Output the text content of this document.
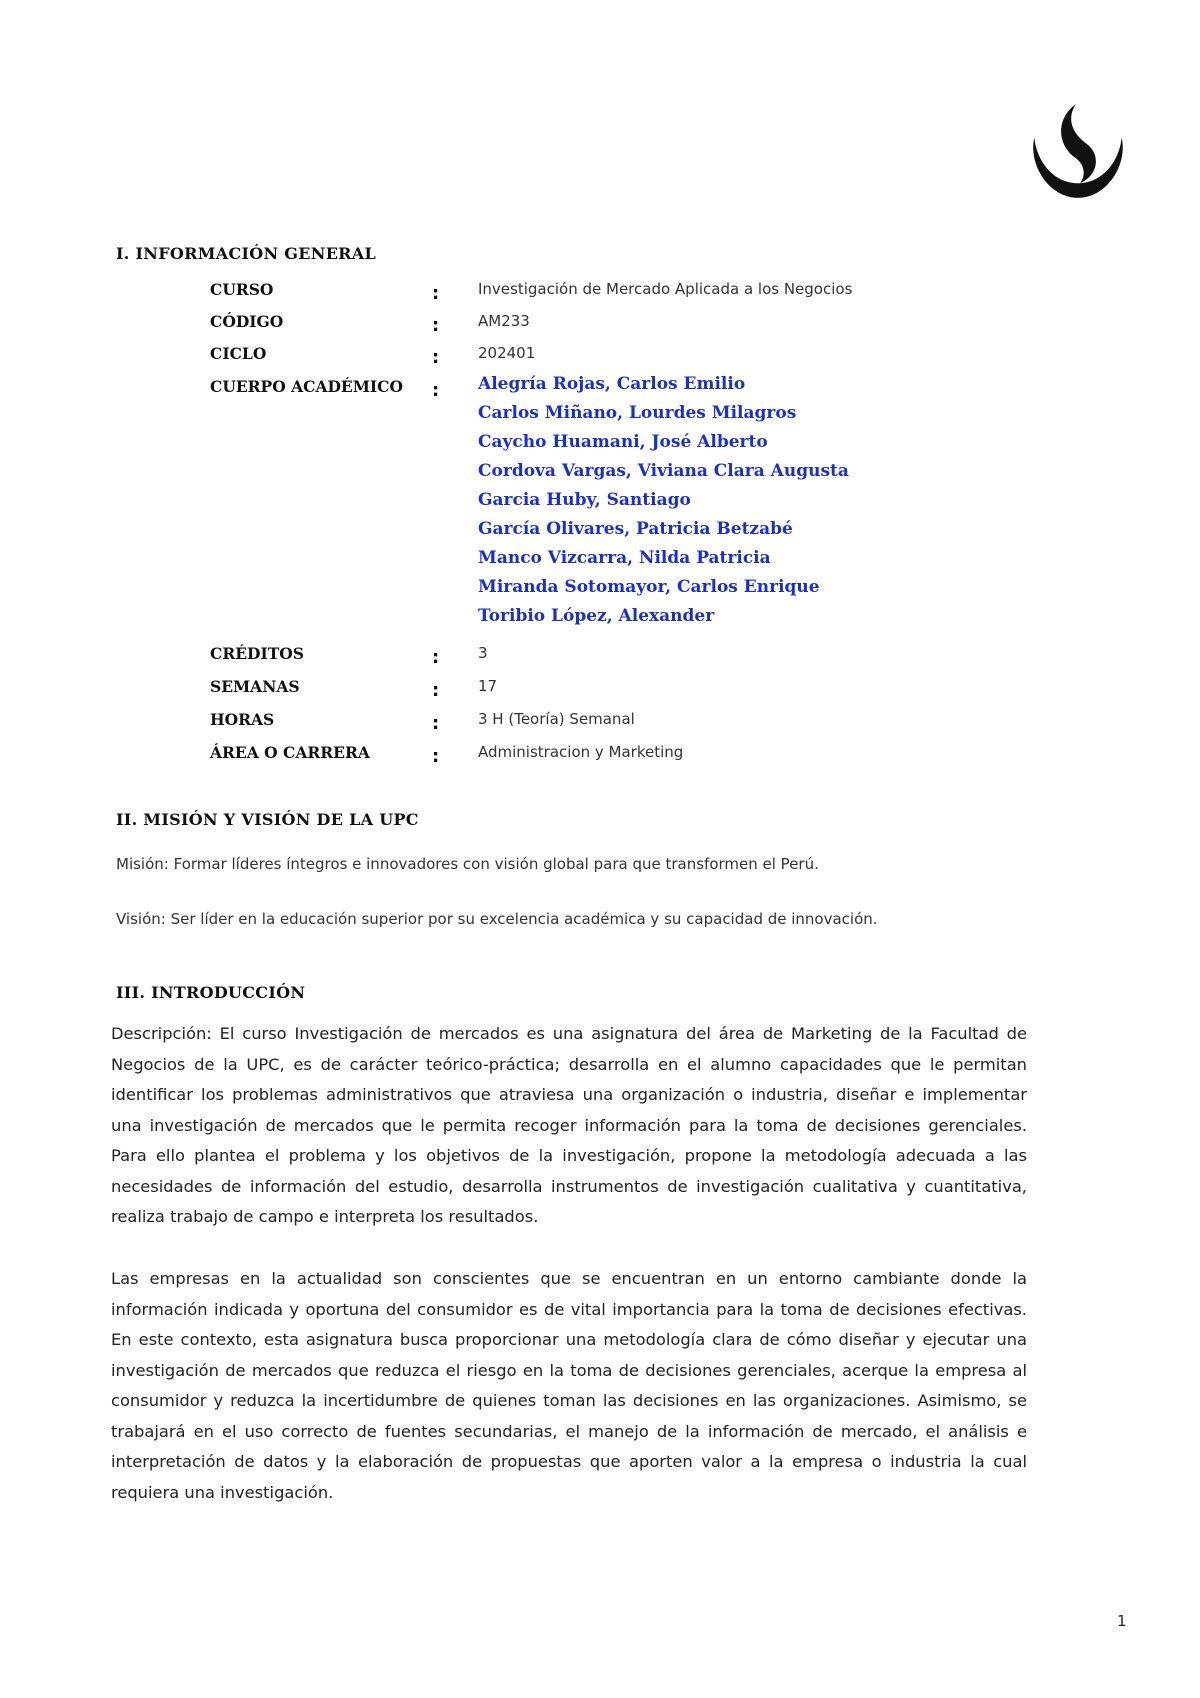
I. INFORMACIÓN GENERAL
CURSO	:	Investigación de Mercado Aplicada a los Negocios
CÓDIGO	:	AM233
CICLO	:	202401
CUERPO ACADÉMICO : Alegría Rojas, Carlos Emilio
Carlos Miñano, Lourdes Milagros
Caycho Huamani, José Alberto
Cordova Vargas, Viviana Clara Augusta
Garcia Huby, Santiago
García Olivares, Patricia Betzabé
Manco Vizcarra, Nilda Patricia
Miranda Sotomayor, Carlos Enrique
Toribio López, Alexander
CRÉDITOS	:	3
SEMANAS	:	17
HORAS	:	3 H (Teoría) Semanal
ÁREA O CARRERA	:	Administracion y Marketing
II. MISIÓN Y VISIÓN DE LA UPC
Misión: Formar líderes íntegros e innovadores con visión global para que transformen el Perú.
Visión: Ser líder en la educación superior por su excelencia académica y su capacidad de innovación.
III. INTRODUCCIÓN

Descripción: El curso Investigación de mercados es una asignatura del área de Marketing de la Facultad de Negocios de la UPC, es de carácter teórico-práctica; desarrolla en el alumno capacidades que le permitan identificar los problemas administrativos que atraviesa una organización o industria, diseñar e implementar una investigación de mercados que le permita recoger información para la toma de decisiones gerenciales. Para ello plantea el problema y los objetivos de la investigación, propone la metodología adecuada a las necesidades de información del estudio, desarrolla instrumentos de investigación cualitativa y cuantitativa, realiza trabajo de campo e interpreta los resultados.

Las empresas en la actualidad son conscientes que se encuentran en un entorno cambiante donde la información indicada y oportuna del consumidor es de vital importancia para la toma de decisiones efectivas. En este contexto, esta asignatura busca proporcionar una metodología clara de cómo diseñar y ejecutar una investigación de mercados que reduzca el riesgo en la toma de decisiones gerenciales, acerque la empresa al consumidor y reduzca la incertidumbre de quienes toman las decisiones en las organizaciones. Asimismo, se trabajará en el uso correcto de fuentes secundarias, el manejo de la información de mercado, el análisis e interpretación de datos y la elaboración de propuestas que aporten valor a la empresa o industria la cual requiera una investigación.

1
